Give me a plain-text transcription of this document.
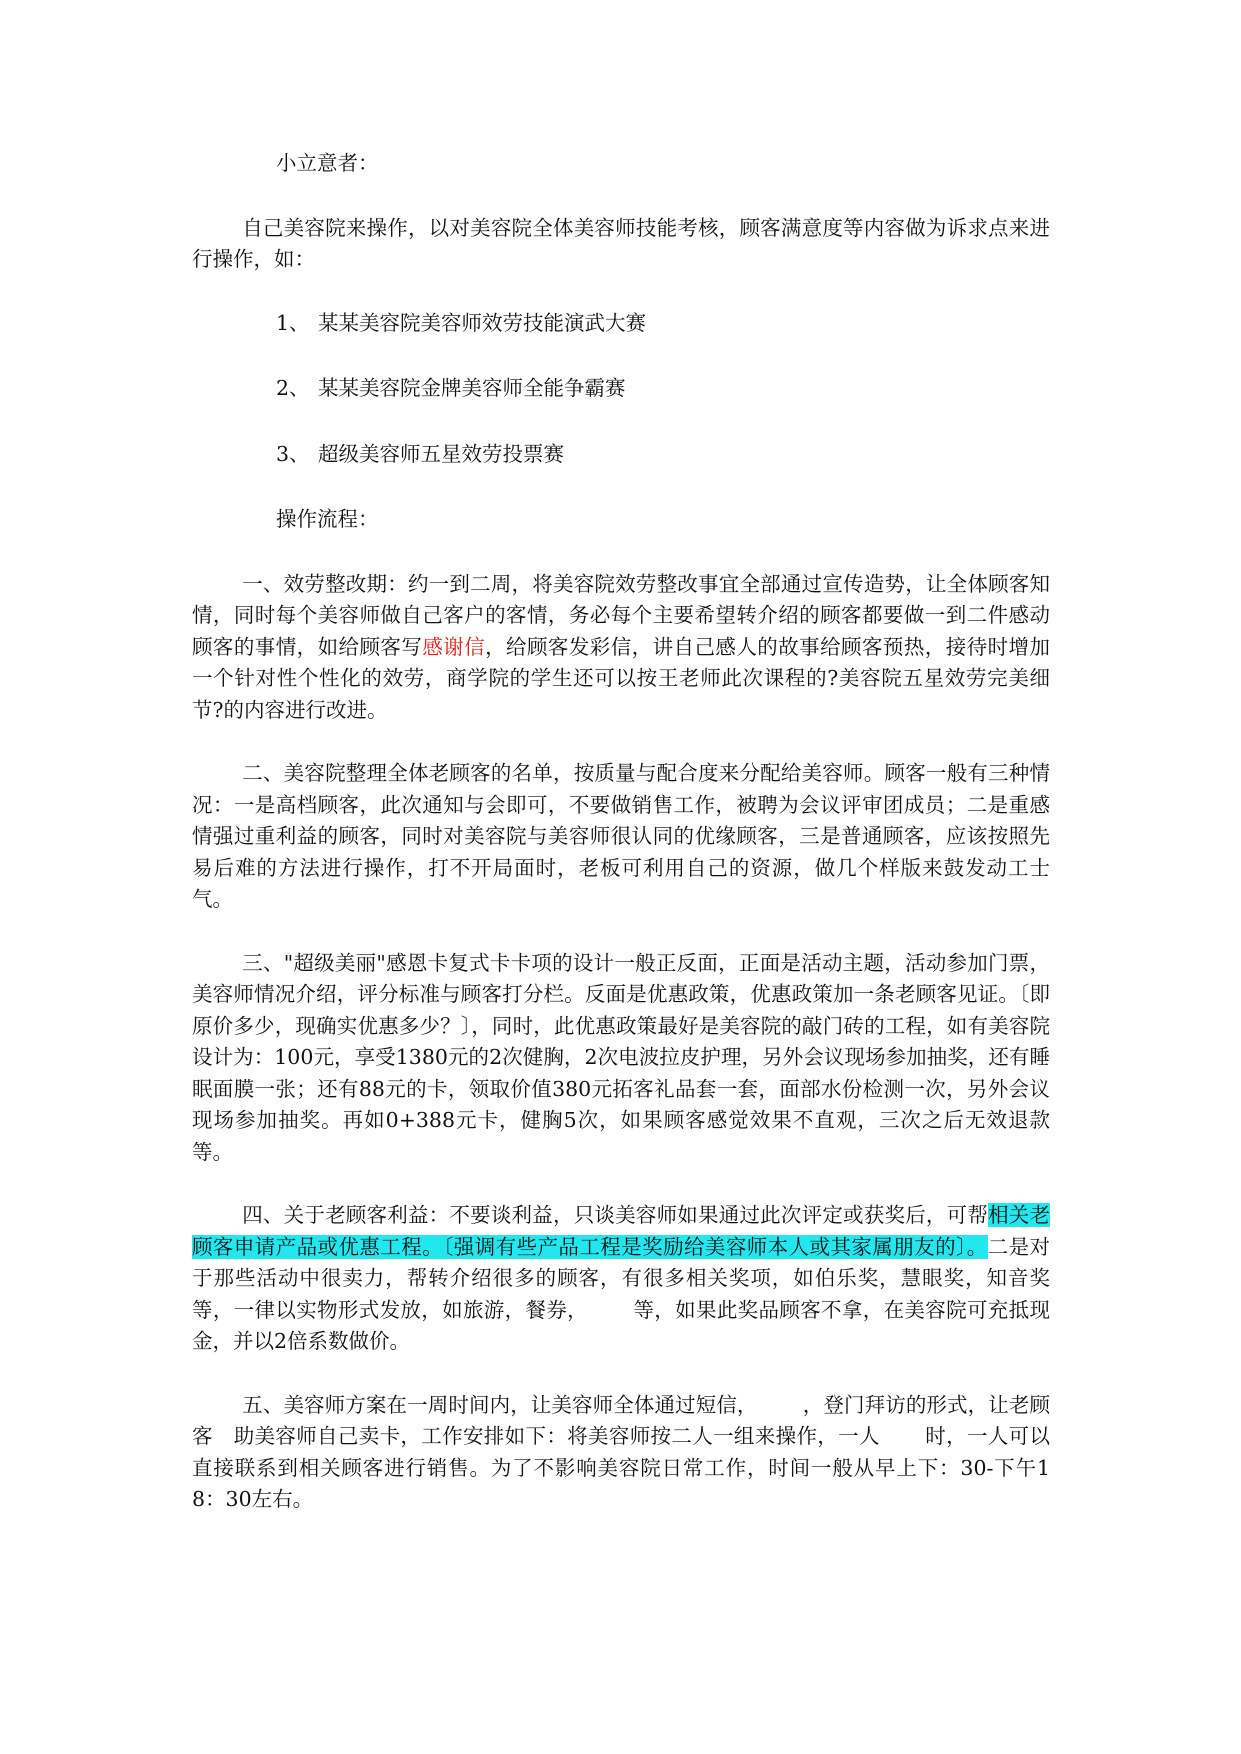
小立意者：

自己美容院来操作，以对美容院全体美容师技能考核，顾客满意度等内容做为诉求点来进行操作，如：

1、 某某美容院美容师效劳技能演武大赛

2、 某某美容院金牌美容师全能争霸赛

3、 超级美容师五星效劳投票赛

操作流程：

一、效劳整改期：约一到二周，将美容院效劳整改事宜全部通过宣传造势，让全体顾客知情，同时每个美容师做自己客户的客情，务必每个主要希望转介绍的顾客都要做一到二件感动顾客的事情，如给顾客写感谢信，给顾客发彩信，讲自己感人的故事给顾客预热，接待时增加一个针对性个性化的效劳，商学院的学生还可以按王老师此次课程的?美容院五星效劳完美细节?的内容进行改进。

二、美容院整理全体老顾客的名单，按质量与配合度来分配给美容师。顾客一般有三种情况：一是高档顾客，此次通知与会即可，不要做销售工作，被聘为会议评审团成员；二是重感情强过重利益的顾客，同时对美容院与美容师很认同的优缘顾客，三是普通顾客，应该按照先易后难的方法进行操作，打不开局面时，老板可利用自己的资源，做几个样版来鼓发动工士气。

三、"超级美丽"感恩卡复式卡卡项的设计一般正反面，正面是活动主题，活动参加门票，美容师情况介绍，评分标准与顾客打分栏。反面是优惠政策，优惠政策加一条老顾客见证。〔即原价多少，现确实优惠多少？〕，同时，此优惠政策最好是美容院的敲门砖的工程，如有美容院设计为：100元，享受1380元的2次健胸，2次电波拉皮护理，另外会议现场参加抽奖，还有睡眠面膜一张；还有88元的卡，领取价值380元拓客礼品套一套，面部水份检测一次，另外会议现场参加抽奖。再如0+388元卡，健胸5次，如果顾客感觉效果不直观，三次之后无效退款等。

四、关于老顾客利益：不要谈利益，只谈美容师如果通过此次评定或获奖后，可帮相关老顾客申请产品或优惠工程。〔强调有些产品工程是奖励给美容师本人或其家属朋友的〕。二是对于那些活动中很卖力，帮转介绍很多的顾客，有很多相关奖项，如伯乐奖，慧眼奖，知音奖等，一律以实物形式发放，如旅游，餐券， 等，如果此奖品顾客不拿，在美容院可充抵现金，并以2倍系数做价。

五、美容师方案在一周时间内，让美容师全体通过短信， ，登门拜访的形式，让老顾客 助美容师自己卖卡，工作安排如下：将美容师按二人一组来操作，一人 时，一人可以直接联系到相关顾客进行销售。为了不影响美容院日常工作，时间一般从早上下：30-下午18：30左右。
